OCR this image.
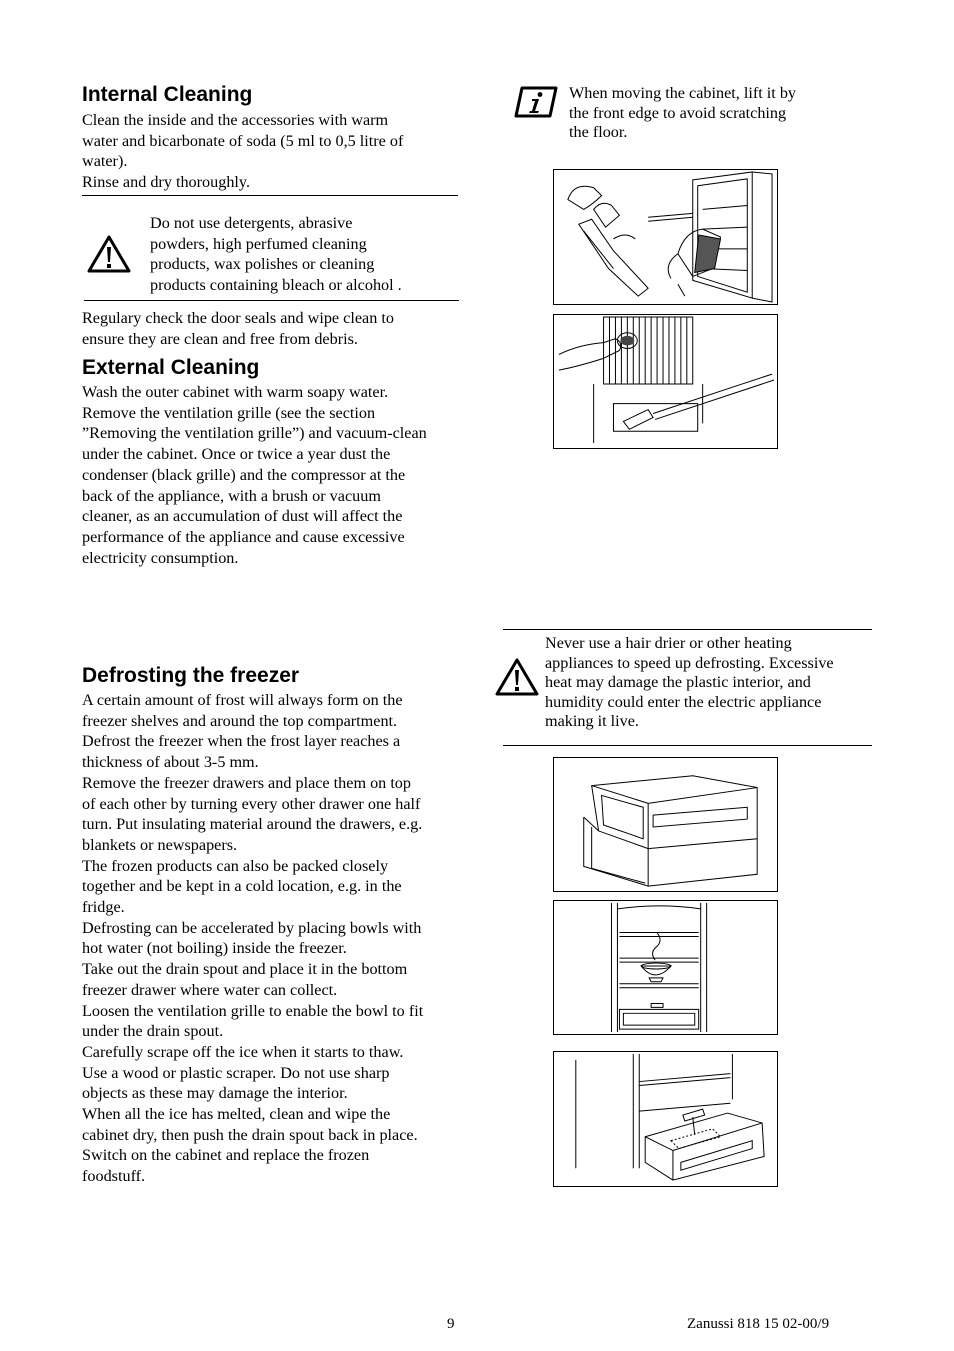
Internal Cleaning

Clean the inside and the accessories with warm

water and bicarbonate of soda (5 ml to 0,5 litre of

water).

Rinse and dry thoroughly.

Do not use detergents, abrasive

powders, high perfumed cleaning

products, wax polishes or cleaning

products containing bleach or alcohol .

Regulary check the door seals and wipe clean to

ensure they are clean and free from debris.

External Cleaning

Wash the outer cabinet with warm soapy water.

Remove the ventilation grille (see the section

”Removing the ventilation grille”) and vacuum-clean

under the cabinet. Once or twice a year dust the

condenser (black grille) and the compressor at the

back of the appliance, with a brush or vacuum

cleaner, as an accumulation of dust will affect the

performance of the appliance and cause excessive

electricity consumption.

Defrosting the freezer

A certain amount of frost will always form on the

freezer shelves and around the top compartment.

Defrost the freezer when the frost layer reaches a

thickness of about 3-5 mm.

Remove the freezer drawers and place them on top

of each other by turning every other drawer one half

turn. Put insulating material around the drawers, e.g.

blankets or newspapers.

The frozen products can also be packed closely

together and be kept in a cold location, e.g. in the

fridge.

Defrosting can be accelerated by placing bowls with

hot water (not boiling) inside the freezer.

Take out the drain spout and place it in the bottom

freezer drawer where water can collect.

Loosen the ventilation grille to enable the bowl to fit

under the drain spout.

Carefully scrape off the ice when it starts to thaw.

Use a wood or plastic scraper. Do not use sharp

objects as these may damage the interior.

When all the ice has melted, clean and wipe the

cabinet dry, then push the drain spout back in place.

Switch on the cabinet and replace the frozen

foodstuff.

When moving the cabinet, lift it by

the front edge to avoid scratching

the floor.

Never use a hair drier or other heating

appliances to speed up defrosting. Excessive

heat may damage the plastic interior, and

humidity could enter the electric appliance

making it live.

9	Zanussi 818 15 02-00/9
